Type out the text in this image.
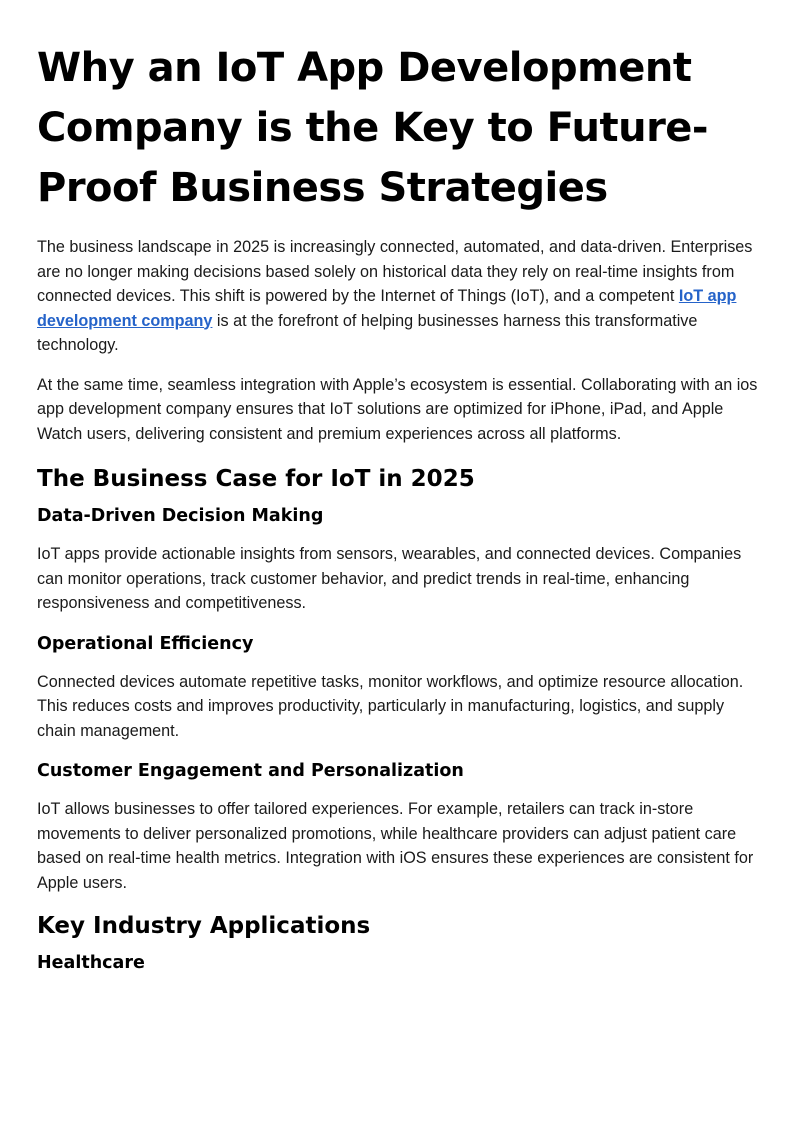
Why an IoT App Development Company is the Key to Future-Proof Business Strategies

The business landscape in 2025 is increasingly connected, automated, and data-driven. Enterprises are no longer making decisions based solely on historical data they rely on real-time insights from connected devices. This shift is powered by the Internet of Things (IoT), and a competent IoT app development company is at the forefront of helping businesses harness this transformative technology.

At the same time, seamless integration with Apple’s ecosystem is essential. Collaborating with an ios app development company ensures that IoT solutions are optimized for iPhone, iPad, and Apple Watch users, delivering consistent and premium experiences across all platforms.

The Business Case for IoT in 2025
Data-Driven Decision Making

IoT apps provide actionable insights from sensors, wearables, and connected devices. Companies can monitor operations, track customer behavior, and predict trends in real-time, enhancing responsiveness and competitiveness.

Operational Efficiency

Connected devices automate repetitive tasks, monitor workflows, and optimize resource allocation. This reduces costs and improves productivity, particularly in manufacturing, logistics, and supply chain management.

Customer Engagement and Personalization

IoT allows businesses to offer tailored experiences. For example, retailers can track in-store movements to deliver personalized promotions, while healthcare providers can adjust patient care based on real-time health metrics. Integration with iOS ensures these experiences are consistent for Apple users.

Key Industry Applications
Healthcare
